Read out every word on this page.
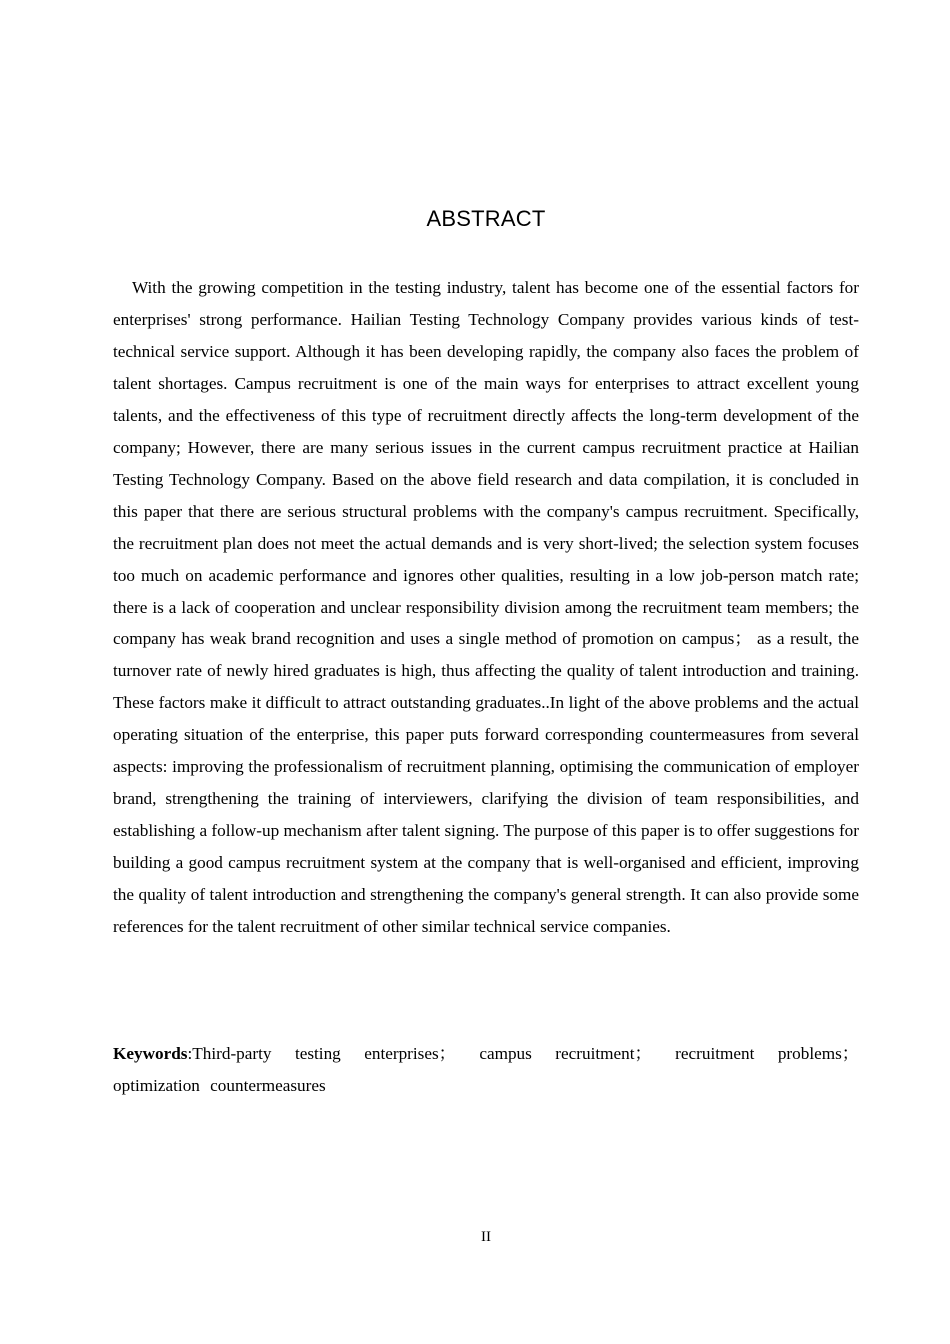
ABSTRACT

With the growing competition in the testing industry, talent has become one of the essential factors for enterprises' strong performance. Hailian Testing Technology Company provides various kinds of test-technical service support. Although it has been developing rapidly, the company also faces the problem of talent shortages. Campus recruitment is one of the main ways for enterprises to attract excellent young talents, and the effectiveness of this type of recruitment directly affects the long-term development of the company; However, there are many serious issues in the current campus recruitment practice at Hailian Testing Technology Company. Based on the above field research and data compilation, it is concluded in this paper that there are serious structural problems with the company's campus recruitment. Specifically, the recruitment plan does not meet the actual demands and is very short-lived; the selection system focuses too much on academic performance and ignores other qualities, resulting in a low job-person match rate; there is a lack of cooperation and unclear responsibility division among the recruitment team members; the company has weak brand recognition and uses a single method of promotion on campus； as a result, the turnover rate of newly hired graduates is high, thus affecting the quality of talent introduction and training. These factors make it difficult to attract outstanding graduates..In light of the above problems and the actual operating situation of the enterprise, this paper puts forward corresponding countermeasures from several aspects: improving the professionalism of recruitment planning, optimising the communication of employer brand, strengthening the training of interviewers, clarifying the division of team responsibilities, and establishing a follow-up mechanism after talent signing. The purpose of this paper is to offer suggestions for building a good campus recruitment system at the company that is well-organised and efficient, improving the quality of talent introduction and strengthening the company's general strength. It can also provide some references for the talent recruitment of other similar technical service companies.

Keywords:Third-party testing enterprises； campus recruitment； recruitment problems； optimization countermeasures

II
